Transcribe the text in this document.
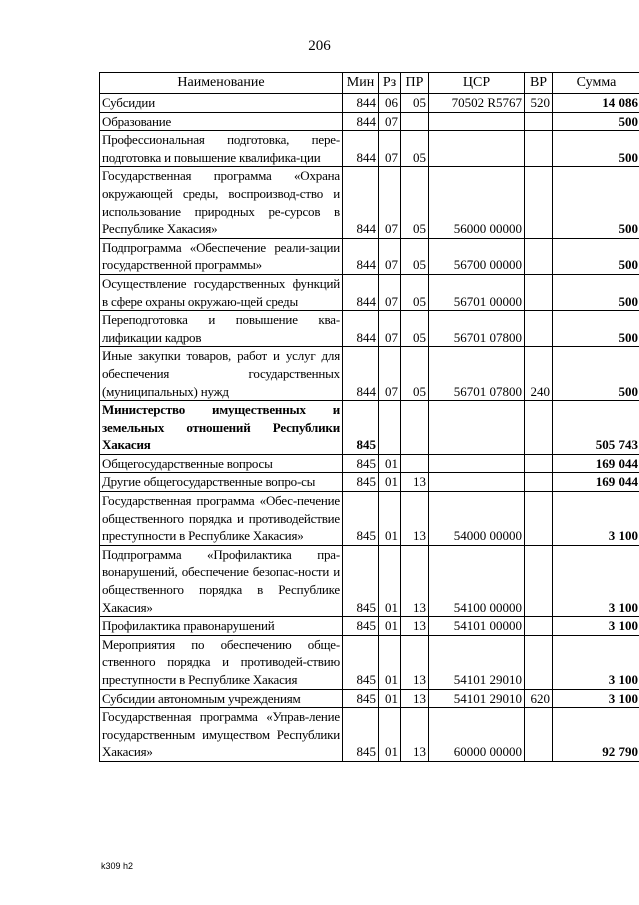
206
Наименование	Мин	Рз	ПР	ЦСР	ВР	Сумма
Субсидии	844	06	05	70502 R5767	520	14 086
Образование	844	07				500
Профессиональная подготовка, пере-подготовка и повышение квалифика-ции	844	07	05			500
Государственная программа «Охрана окружающей среды, воспроизвод-ство и использование природных ре-сурсов в Республике Хакасия»	844	07	05	56000 00000		500
Подпрограмма «Обеспечение реали-зации государственной программы»	844	07	05	56700 00000		500
Осуществление государственных функций в сфере охраны окружаю-щей среды	844	07	05	56701 00000		500
Переподготовка и повышение ква-лификации кадров	844	07	05	56701 07800		500
Иные закупки товаров, работ и услуг для обеспечения государственных (муниципальных) нужд	844	07	05	56701 07800	240	500
Министерство имущественных и земельных отношений Республики Хакасия	845					505 743
Общегосударственные вопросы	845	01				169 044
Другие общегосударственные вопро-сы	845	01	13			169 044
Государственная программа «Обес-печение общественного порядка и противодействие преступности в Республике Хакасия»	845	01	13	54000 00000		3 100
Подпрограмма «Профилактика пра-вонарушений, обеспечение безопас-ности и общественного порядка в Республике Хакасия»	845	01	13	54100 00000		3 100
Профилактика правонарушений	845	01	13	54101 00000		3 100
Мероприятия по обеспечению обще-ственного порядка и противодей-ствию преступности в Республике Хакасия	845	01	13	54101 29010		3 100
Субсидии автономным учреждениям	845	01	13	54101 29010	620	3 100
Государственная программа «Управ-ление государственным имуществом Республики Хакасия»	845	01	13	60000 00000		92 790
k309 h2
